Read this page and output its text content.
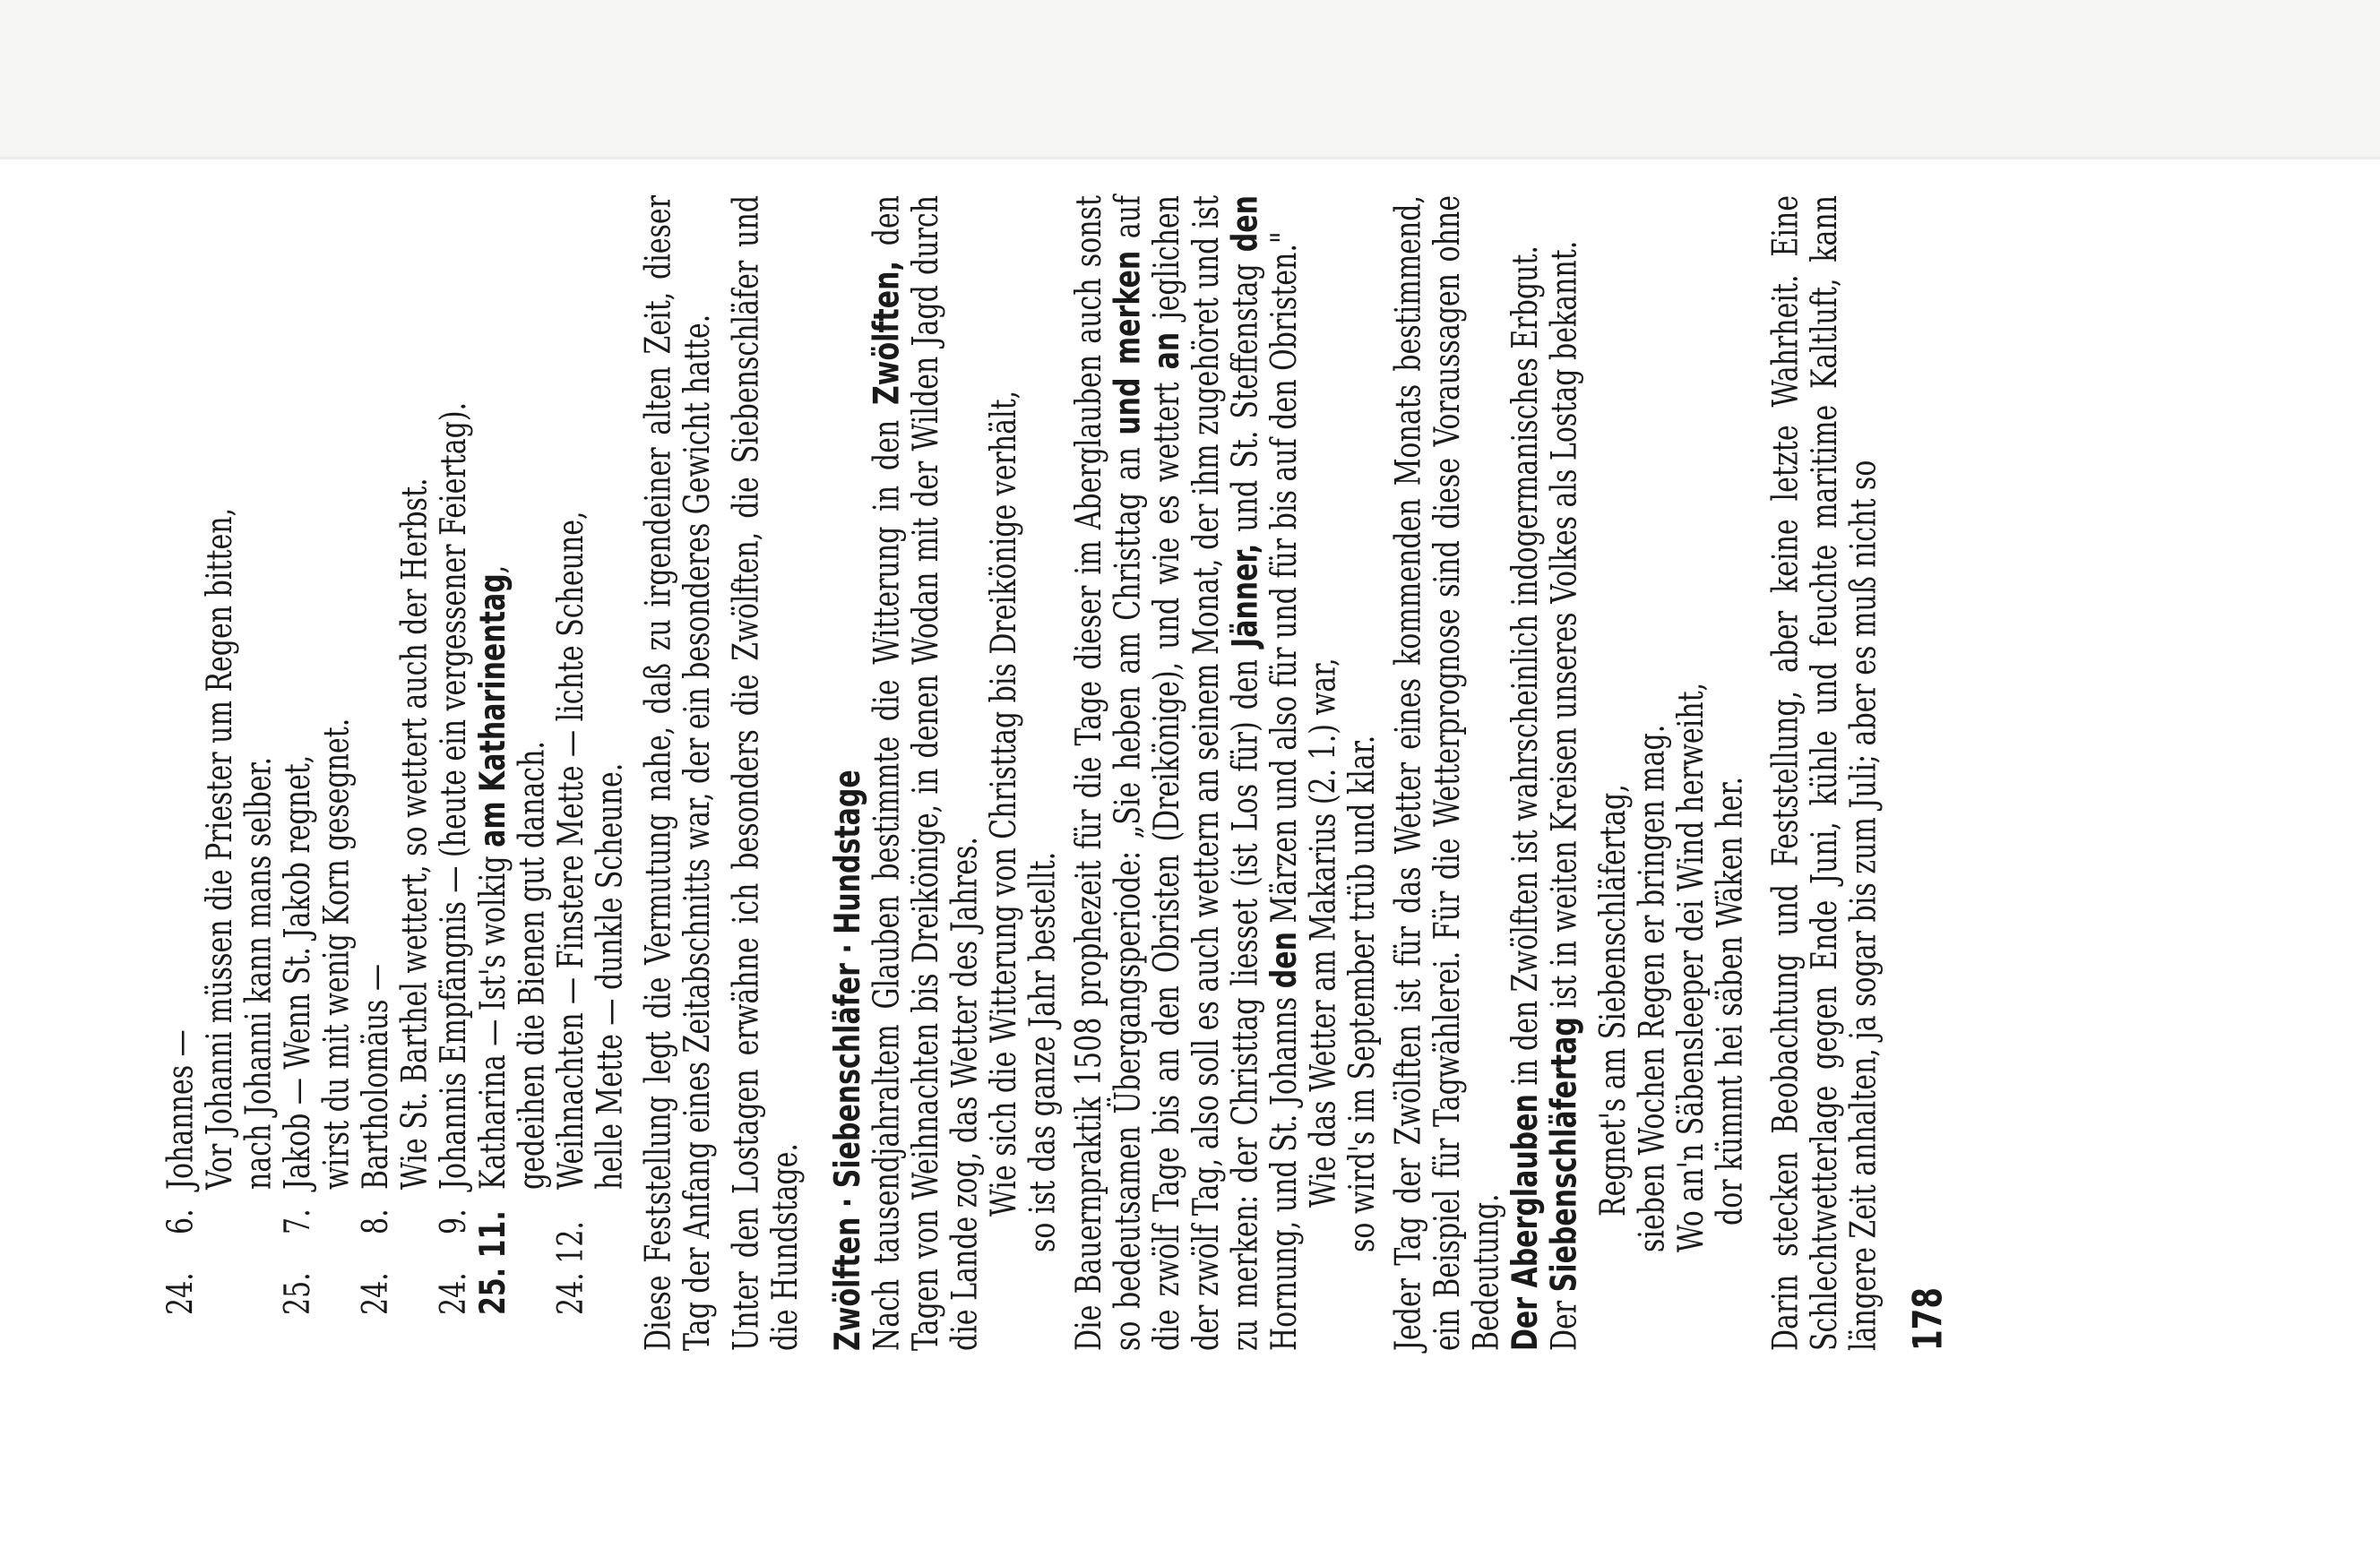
24.6.Johannes —
Vor Johanni müssen die Priester um Regen bitten,
nach Johanni kann mans selber.
25.7.Jakob — Wenn St. Jakob regnet,
wirst du mit wenig Korn gesegnet.
24.8.Bartholomäus —
Wie St. Barthel wettert, so wettert auch der Herbst.
24.9.Johannis Empfängnis — (heute ein vergessener Feiertag).
25. 11.Katharina — Ist's wolkig am Katharinentag,
gedeihen die Bienen gut danach.
24. 12.Weihnachten — Finstere Mette — lichte Scheune,
helle Mette — dunkle Scheune. Diese Feststellung legt die Vermutung nahe, daß zu irgendeiner alten Zeit, dieser Tag der Anfang eines Zeitabschnitts war, der ein besonderes Gewicht hatte. Unter den Lostagen erwähne ich besonders die Zwölften, die Siebenschläfer und die Hundstage. Zwölften · Siebenschläfer · Hundstage

Nach tausendjahraltem Glauben bestimmte die Witterung in den Zwölften, den Tagen von Weihnachten bis Dreikönige, in denen Wodan mit der Wilden Jagd durch die Lande zog, das Wetter des Jahres.

Wie sich die Witterung von Christtag bis Dreikönige verhält,
so ist das ganze Jahr bestellt. Die Bauernpraktik 1508 prophezeit für die Tage dieser im Aberglauben auch sonst so bedeutsamen Übergangsperiode: „Sie heben am Christtag an und merken auf die zwölf Tage bis an den Obristen (Dreikönige), und wie es wettert an jeglichen der zwölf Tag, also soll es auch wettern an seinem Monat, der ihm zugehöret und ist zu merken: der Christtag liesset (ist Los für) den Jänner, und St. Steffenstag den Hornung, und St. Johanns den Märzen und also für und für bis auf den Obristen."

Wie das Wetter am Makarius (2. 1.) war,
so wird's im September trüb und klar. Jeder Tag der Zwölften ist für das Wetter eines kommenden Monats bestimmend, ein Beispiel für Tagwählerei. Für die Wetterprognose sind diese Voraussagen ohne Bedeutung.

Der Aberglauben in den Zwölften ist wahrscheinlich indogermanisches Erbgut.

Der Siebenschläfertag ist in weiten Kreisen unseres Volkes als Lostag bekannt. Regnet's am Siebenschläfertag,
sieben Wochen Regen er bringen mag.
Wo an'n Säbensleeper dei Wind herweiht,
dor kümmt hei säben Wäken her. Darin stecken Beobachtung und Feststellung, aber keine letzte Wahrheit. Eine Schlechtwetterlage gegen Ende Juni, kühle und feuchte maritime Kaltluft, kann längere Zeit anhalten, ja sogar bis zum Juli; aber es muß nicht so 178
